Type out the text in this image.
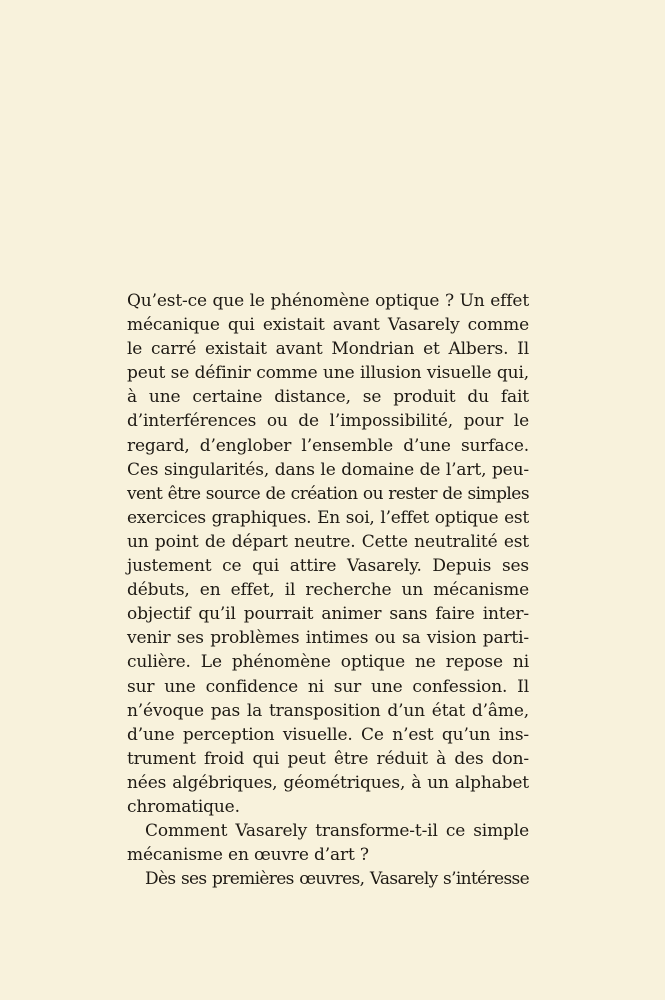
Qu’est-ce que le phénomène optique ? Un effet
mécanique qui existait avant Vasarely comme
le carré existait avant Mondrian et Albers. Il
peut se définir comme une illusion visuelle qui,
à une certaine distance, se produit du fait
d’interférences ou de l’impossibilité, pour le
regard, d’englober l’ensemble d’une surface.
Ces singularités, dans le domaine de l’art, peu-
vent être source de création ou rester de simples
exercices graphiques. En soi, l’effet optique est
un point de départ neutre. Cette neutralité est
justement ce qui attire Vasarely. Depuis ses
débuts, en effet, il recherche un mécanisme
objectif qu’il pourrait animer sans faire inter-
venir ses problèmes intimes ou sa vision parti-
culière. Le phénomène optique ne repose ni
sur une confidence ni sur une confession. Il
n’évoque pas la transposition d’un état d’âme,
d’une perception visuelle. Ce n’est qu’un ins-
trument froid qui peut être réduit à des don-
nées algébriques, géométriques, à un alphabet
chromatique.
Comment Vasarely transforme-t-il ce simple
mécanisme en œuvre d’art ?
Dès ses premières œuvres, Vasarely s’intéresse
